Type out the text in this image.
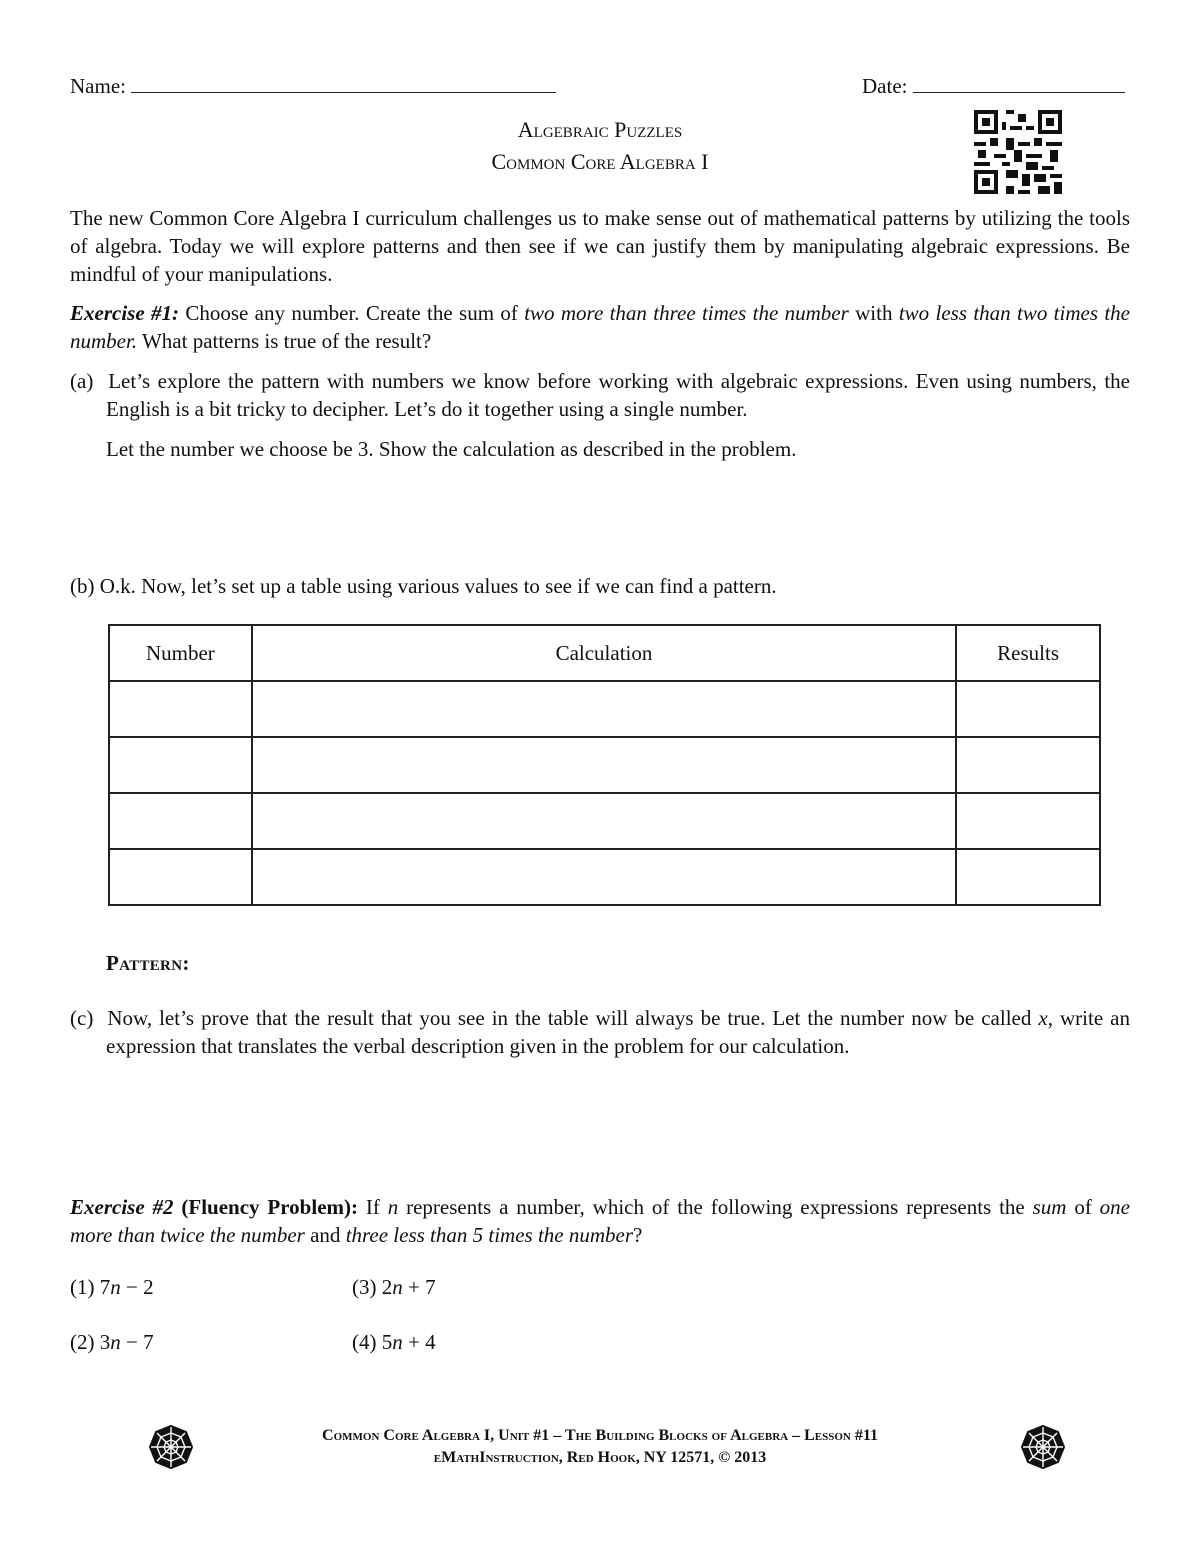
Name:	Date:
Algebraic Puzzles
Common Core Algebra I
The new Common Core Algebra I curriculum challenges us to make sense out of mathematical patterns by utilizing the tools of algebra. Today we will explore patterns and then see if we can justify them by manipulating algebraic expressions. Be mindful of your manipulations.
Exercise #1: Choose any number. Create the sum of two more than three times the number with two less than two times the number. What patterns is true of the result?
(a) Let’s explore the pattern with numbers we know before working with algebraic expressions. Even using numbers, the English is a bit tricky to decipher. Let’s do it together using a single number.
Let the number we choose be 3. Show the calculation as described in the problem.
(b) O.k. Now, let’s set up a table using various values to see if we can find a pattern.
Number	Calculation	Results

Pattern:
(c) Now, let’s prove that the result that you see in the table will always be true. Let the number now be called x, write an expression that translates the verbal description given in the problem for our calculation.
Exercise #2 (Fluency Problem): If n represents a number, which of the following expressions represents the sum of one more than twice the number and three less than 5 times the number?
(1) 7n − 2	(3) 2n + 7
(2) 3n − 7	(4) 5n + 4
Common Core Algebra I, Unit #1 – The Building Blocks of Algebra – Lesson #11
eMathInstruction, Red Hook, NY 12571, © 2013
